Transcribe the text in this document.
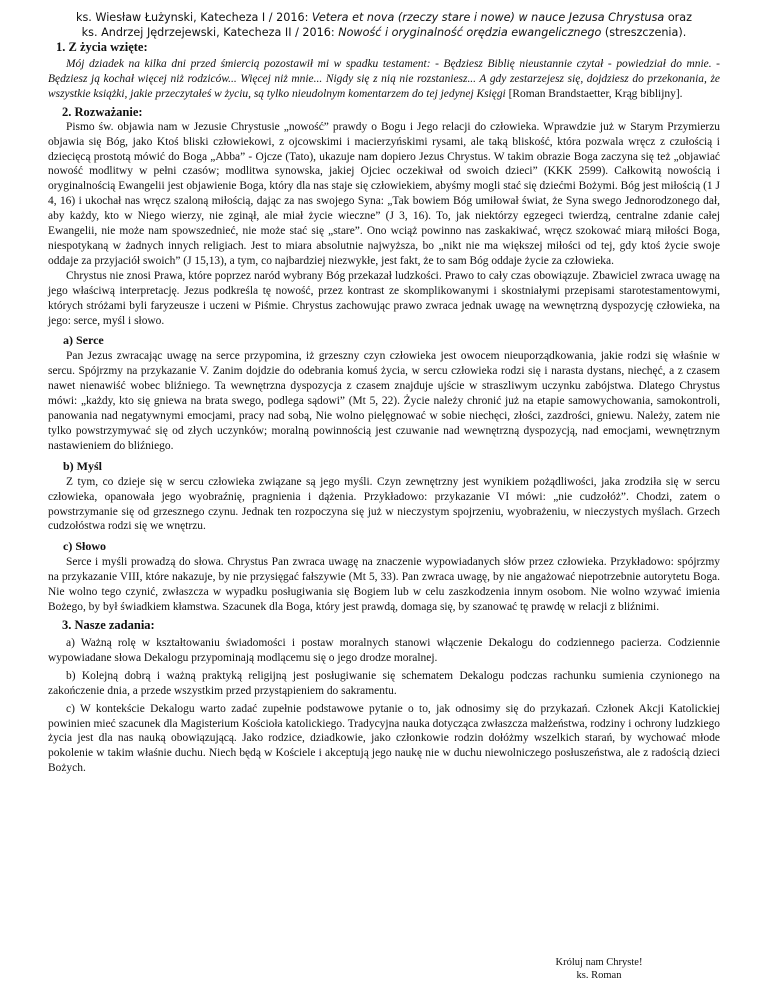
ks. Wiesław Łużynski, Katecheza I / 2016: Vetera et nova (rzeczy stare i nowe) w nauce Jezusa Chrystusa oraz
ks. Andrzej Jędrzejewski, Katecheza II / 2016: Nowość i oryginalność orędzia ewangelicznego (streszczenia).
1. Z życia wzięte:

Mój dziadek na kilka dni przed śmiercią pozostawił mi w spadku testament: - Będziesz Biblię nieustannie czytał - powiedział do mnie. - Będziesz ją kochał więcej niż rodziców... Więcej niż mnie... Nigdy się z nią nie rozstaniesz... A gdy zestarzejesz się, dojdziesz do przekonania, że wszystkie książki, jakie przeczytałeś w życiu, są tylko nieudolnym komentarzem do tej jedynej Księgi [Roman Brandstaetter, Krąg biblijny].

2. Rozważanie:

Pismo św. objawia nam w Jezusie Chrystusie „nowość” prawdy o Bogu i Jego relacji do człowieka. Wprawdzie już w Starym Przymierzu objawia się Bóg, jako Ktoś bliski człowiekowi, z ojcowskimi i macierzyńskimi rysami, ale taką bliskość, która pozwala wręcz z czułością i dziecięcą prostotą mówić do Boga „Abba” - Ojcze (Tato), ukazuje nam dopiero Jezus Chrystus. W takim obrazie Boga zaczyna się też „objawiać nowość modlitwy w pełni czasów; modlitwa synowska, jakiej Ojciec oczekiwał od swoich dzieci” (KKK 2599). Całkowitą nowością i oryginalnością Ewangelii jest objawienie Boga, który dla nas staje się człowiekiem, abyśmy mogli stać się dziećmi Bożymi. Bóg jest miłością (1 J 4, 16) i ukochał nas wręcz szaloną miłością, dając za nas swojego Syna: „Tak bowiem Bóg umiłował świat, że Syna swego Jednorodzonego dał, aby każdy, kto w Niego wierzy, nie zginął, ale miał życie wieczne” (J 3, 16). To, jak niektórzy egzegeci twierdzą, centralne zdanie całej Ewangelii, nie może nam spowszednieć, nie może stać się „stare”. Ono wciąż powinno nas zaskakiwać, wręcz szokować miarą miłości Boga, niespotykaną w żadnych innych religiach. Jest to miara absolutnie najwyższa, bo „nikt nie ma większej miłości od tej, gdy ktoś życie swoje oddaje za przyjaciół swoich” (J 15,13), a tym, co najbardziej niezwykłe, jest fakt, że to sam Bóg oddaje życie za człowieka.

Chrystus nie znosi Prawa, które poprzez naród wybrany Bóg przekazał ludzkości. Prawo to cały czas obowiązuje. Zbawiciel zwraca uwagę na jego właściwą interpretację. Jezus podkreśla tę nowość, przez kontrast ze skomplikowanymi i skostniałymi przepisami starotestamentowymi, których stróżami byli faryzeusze i uczeni w Piśmie. Chrystus zachowując prawo zwraca jednak uwagę na wewnętrzną dyspozycję człowieka, na jego: serce, myśl i słowo.

a) Serce

Pan Jezus zwracając uwagę na serce przypomina, iż grzeszny czyn człowieka jest owocem nieuporządkowania, jakie rodzi się właśnie w sercu. Spójrzmy na przykazanie V. Zanim dojdzie do odebrania komuś życia, w sercu człowieka rodzi się i narasta dystans, niechęć, a z czasem nawet nienawiść wobec bliźniego. Ta wewnętrzna dyspozycja z czasem znajduje ujście w straszliwym uczynku zabójstwa. Dlatego Chrystus mówi: „każdy, kto się gniewa na brata swego, podlega sądowi” (Mt 5, 22). Życie należy chronić już na etapie samowychowania, samokontroli, panowania nad negatywnymi emocjami, pracy nad sobą, Nie wolno pielęgnować w sobie niechęci, złości, zazdrości, gniewu. Należy, zatem nie tylko powstrzymywać się od złych uczynków; moralną powinnością jest czuwanie nad wewnętrzną dyspozycją, nad emocjami, wewnętrznym nastawieniem do bliźniego.

b) Myśl

Z tym, co dzieje się w sercu człowieka związane są jego myśli. Czyn zewnętrzny jest wynikiem pożądliwości, jaka zrodziła się w sercu człowieka, opanowała jego wyobraźnię, pragnienia i dążenia. Przykładowo: przykazanie VI mówi: „nie cudzołóż”. Chodzi, zatem o powstrzymanie się od grzesznego czynu. Jednak ten rozpoczyna się już w nieczystym spojrzeniu, wyobrażeniu, w nieczystych myślach. Grzech cudzołóstwa rodzi się we wnętrzu.

c) Słowo

Serce i myśli prowadzą do słowa. Chrystus Pan zwraca uwagę na znaczenie wypowiadanych słów przez człowieka. Przykładowo: spójrzmy na przykazanie VIII, które nakazuje, by nie przysięgać fałszywie (Mt 5, 33). Pan zwraca uwagę, by nie angażować niepotrzebnie autorytetu Boga. Nie wolno tego czynić, zwłaszcza w wypadku posługiwania się Bogiem lub w celu zaszkodzenia innym osobom. Nie wolno wzywać imienia Bożego, by był świadkiem kłamstwa. Szacunek dla Boga, który jest prawdą, domaga się, by szanować tę prawdę w relacji z bliźnimi.

3. Nasze zadania:

a) Ważną rolę w kształtowaniu świadomości i postaw moralnych stanowi włączenie Dekalogu do codziennego pacierza. Codziennie wypowiadane słowa Dekalogu przypominają modlącemu się o jego drodze moralnej.

b) Kolejną dobrą i ważną praktyką religijną jest posługiwanie się schematem Dekalogu podczas rachunku sumienia czynionego na zakończenie dnia, a przede wszystkim przed przystąpieniem do sakramentu.

c) W kontekście Dekalogu warto zadać zupełnie podstawowe pytanie o to, jak odnosimy się do przykazań. Członek Akcji Katolickiej powinien mieć szacunek dla Magisterium Kościoła katolickiego. Tradycyjna nauka dotycząca zwłaszcza małżeństwa, rodziny i ochrony ludzkiego życia jest dla nas nauką obowiązującą. Jako rodzice, dziadkowie, jako członkowie rodzin dołóżmy wszelkich starań, by wychować młode pokolenie w takim właśnie duchu. Niech będą w Kościele i akceptują jego naukę nie w duchu niewolniczego posłuszeństwa, ale z radością dzieci Bożych.

Króluj nam Chryste!
ks. Roman
